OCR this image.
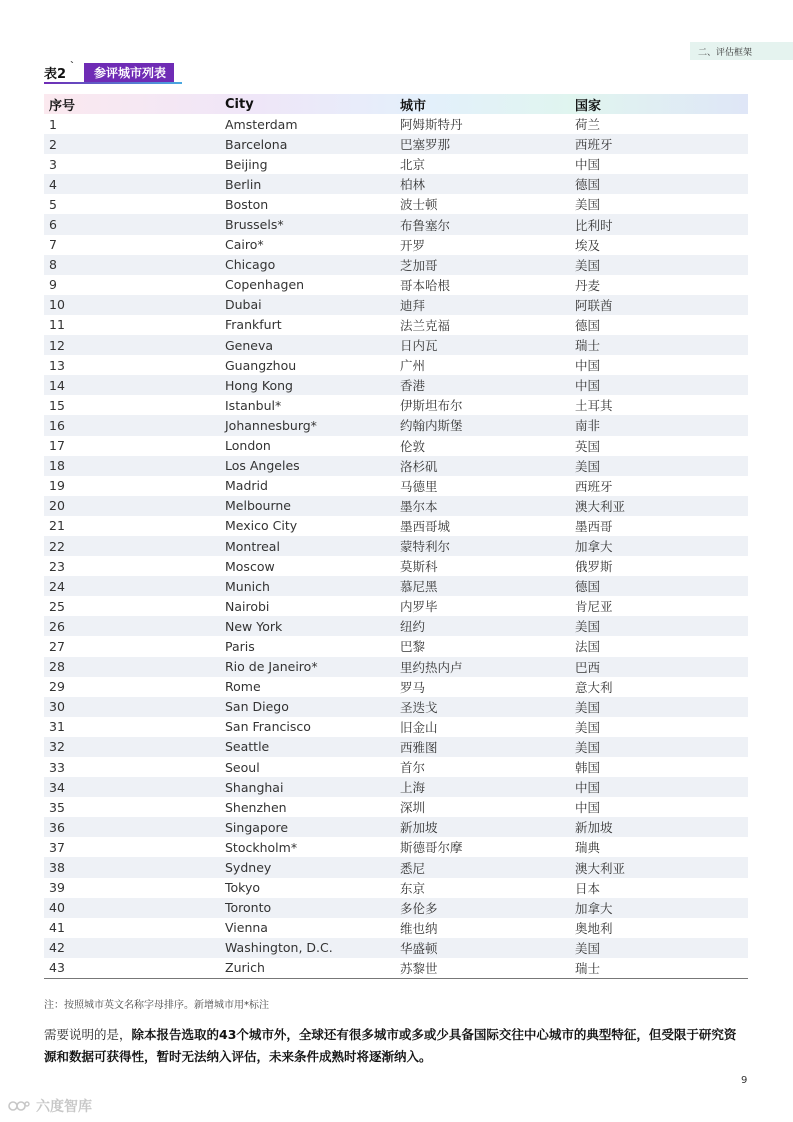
二、评估框架
表2
` 参评城市列表
序号	City	城市	国家
1	Amsterdam	阿姆斯特丹	荷兰
2	Barcelona	巴塞罗那	西班牙
3	Beijing	北京	中国
4	Berlin	柏林	德国
5	Boston	波士顿	美国
6	Brussels*	布鲁塞尔	比利时
7	Cairo*	开罗	埃及
8	Chicago	芝加哥	美国
9	Copenhagen	哥本哈根	丹麦
10	Dubai	迪拜	阿联酋
11	Frankfurt	法兰克福	德国
12	Geneva	日内瓦	瑞士
13	Guangzhou	广州	中国
14	Hong Kong	香港	中国
15	Istanbul*	伊斯坦布尔	土耳其
16	Johannesburg*	约翰内斯堡	南非
17	London	伦敦	英国
18	Los Angeles	洛杉矶	美国
19	Madrid	马德里	西班牙
20	Melbourne	墨尔本	澳大利亚
21	Mexico City	墨西哥城	墨西哥
22	Montreal	蒙特利尔	加拿大
23	Moscow	莫斯科	俄罗斯
24	Munich	慕尼黑	德国
25	Nairobi	内罗毕	肯尼亚
26	New York	纽约	美国
27	Paris	巴黎	法国
28	Rio de Janeiro*	里约热内卢	巴西
29	Rome	罗马	意大利
30	San Diego	圣迭戈	美国
31	San Francisco	旧金山	美国
32	Seattle	西雅图	美国
33	Seoul	首尔	韩国
34	Shanghai	上海	中国
35	Shenzhen	深圳	中国
36	Singapore	新加坡	新加坡
37	Stockholm*	斯德哥尔摩	瑞典
38	Sydney	悉尼	澳大利亚
39	Tokyo	东京	日本
40	Toronto	多伦多	加拿大
41	Vienna	维也纳	奥地利
42	Washington, D.C.	华盛顿	美国
43	Zurich	苏黎世	瑞士
注：按照城市英文名称字母排序。新增城市用*标注
需要说明的是，除本报告选取的43个城市外，全球还有很多城市或多或少具备国际交往中心城市的典型特征，但受限于研究资源和数据可获得性，暂时无法纳入评估，未来条件成熟时将逐渐纳入。
9
六度智库
